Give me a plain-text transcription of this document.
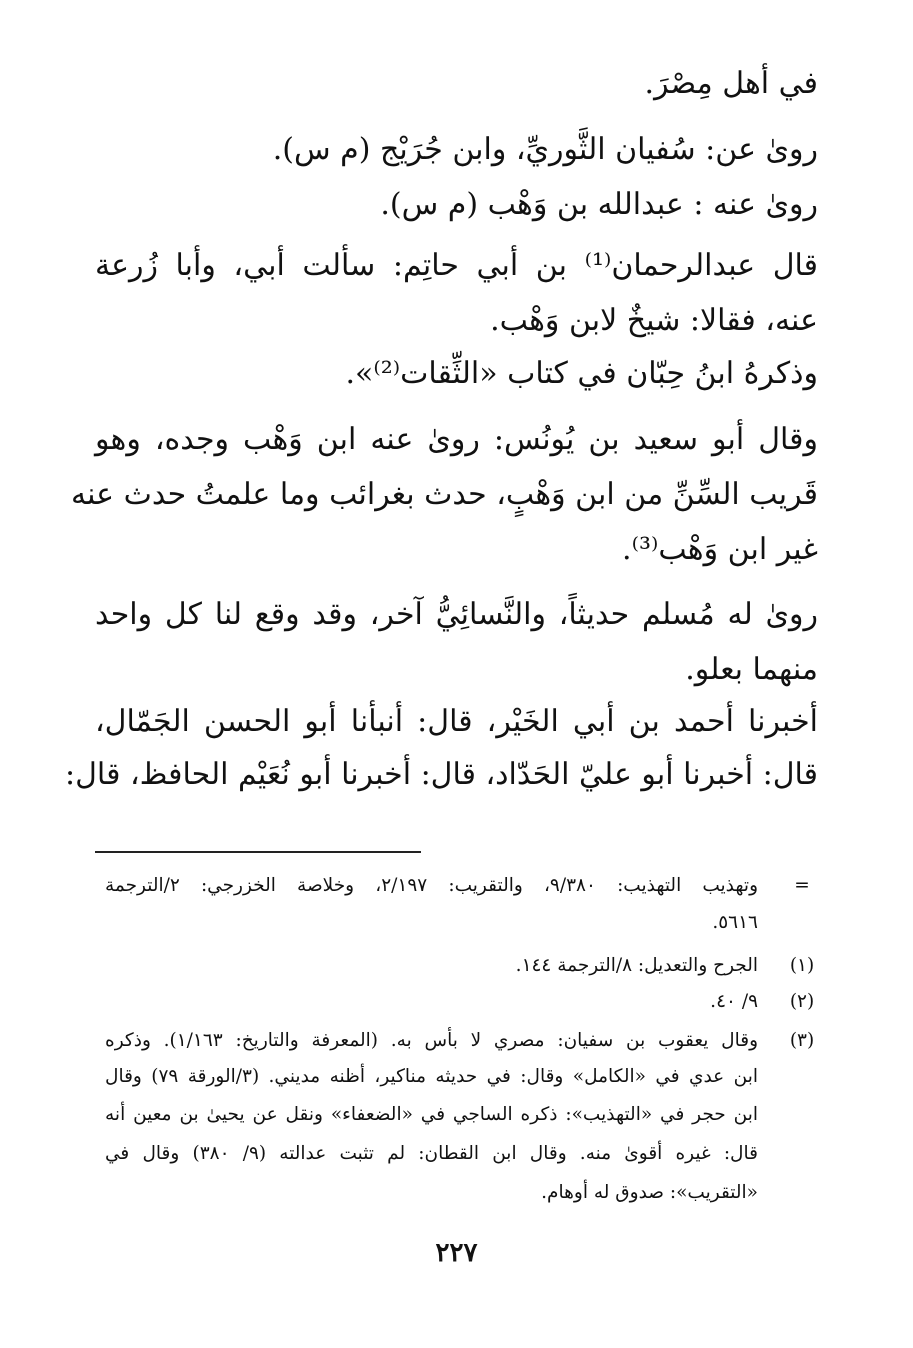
في أهل مِصْرَ.
روىٰ عن: سُفيان الثَّوريِّ، وابن جُرَيْج (م س).
روىٰ عنه : عبدالله بن وَهْب (م س).
قال عبدالرحمان⁽¹⁾ بن أبي حاتِم: سألت أبي، وأبا زُرعة
عنه، فقالا: شيخٌ لابن وَهْب.
وذكرهُ ابنُ حِبّان في كتاب «الثِّقات⁽²⁾».
وقال أبو سعيد بن يُونُس: روىٰ عنه ابن وَهْب وجده، وهو
قَريب السِّنِّ من ابن وَهْبٍ، حدث بغرائب وما علمتُ حدث عنه
غير ابن وَهْب⁽³⁾.
روىٰ له مُسلم حديثاً، والنَّسائِيُّ آخر، وقد وقع لنا كل واحد
منهما بعلو.
أخبرنا أحمد بن أبي الخَيْر، قال: أنبأنا أبو الحسن الجَمّال،
قال: أخبرنا أبو عليّ الحَدّاد، قال: أخبرنا أبو نُعَيْم الحافظ، قال:
=
وتهذيب التهذيب: ٩/٣٨٠، والتقريب: ٢/١٩٧، وخلاصة الخزرجي: ٢/الترجمة
٥٦١٦.
(١)
الجرح والتعديل: ٨/الترجمة ١٤٤.
(٢)
٩/ ٤٠.
(٣)
وقال يعقوب بن سفيان: مصري لا بأس به. (المعرفة والتاريخ: ١/١٦٣). وذكره
ابن عدي في «الكامل» وقال: في حديثه مناكير، أظنه مديني. (٣/الورقة ٧٩) وقال
ابن حجر في «التهذيب»: ذكره الساجي في «الضعفاء» ونقل عن يحيىٰ بن معين أنه
قال: غيره أقوىٰ منه. وقال ابن القطان: لم تثبت عدالته (٩/ ٣٨٠) وقال في
«التقريب»: صدوق له أوهام.
٢٢٧
